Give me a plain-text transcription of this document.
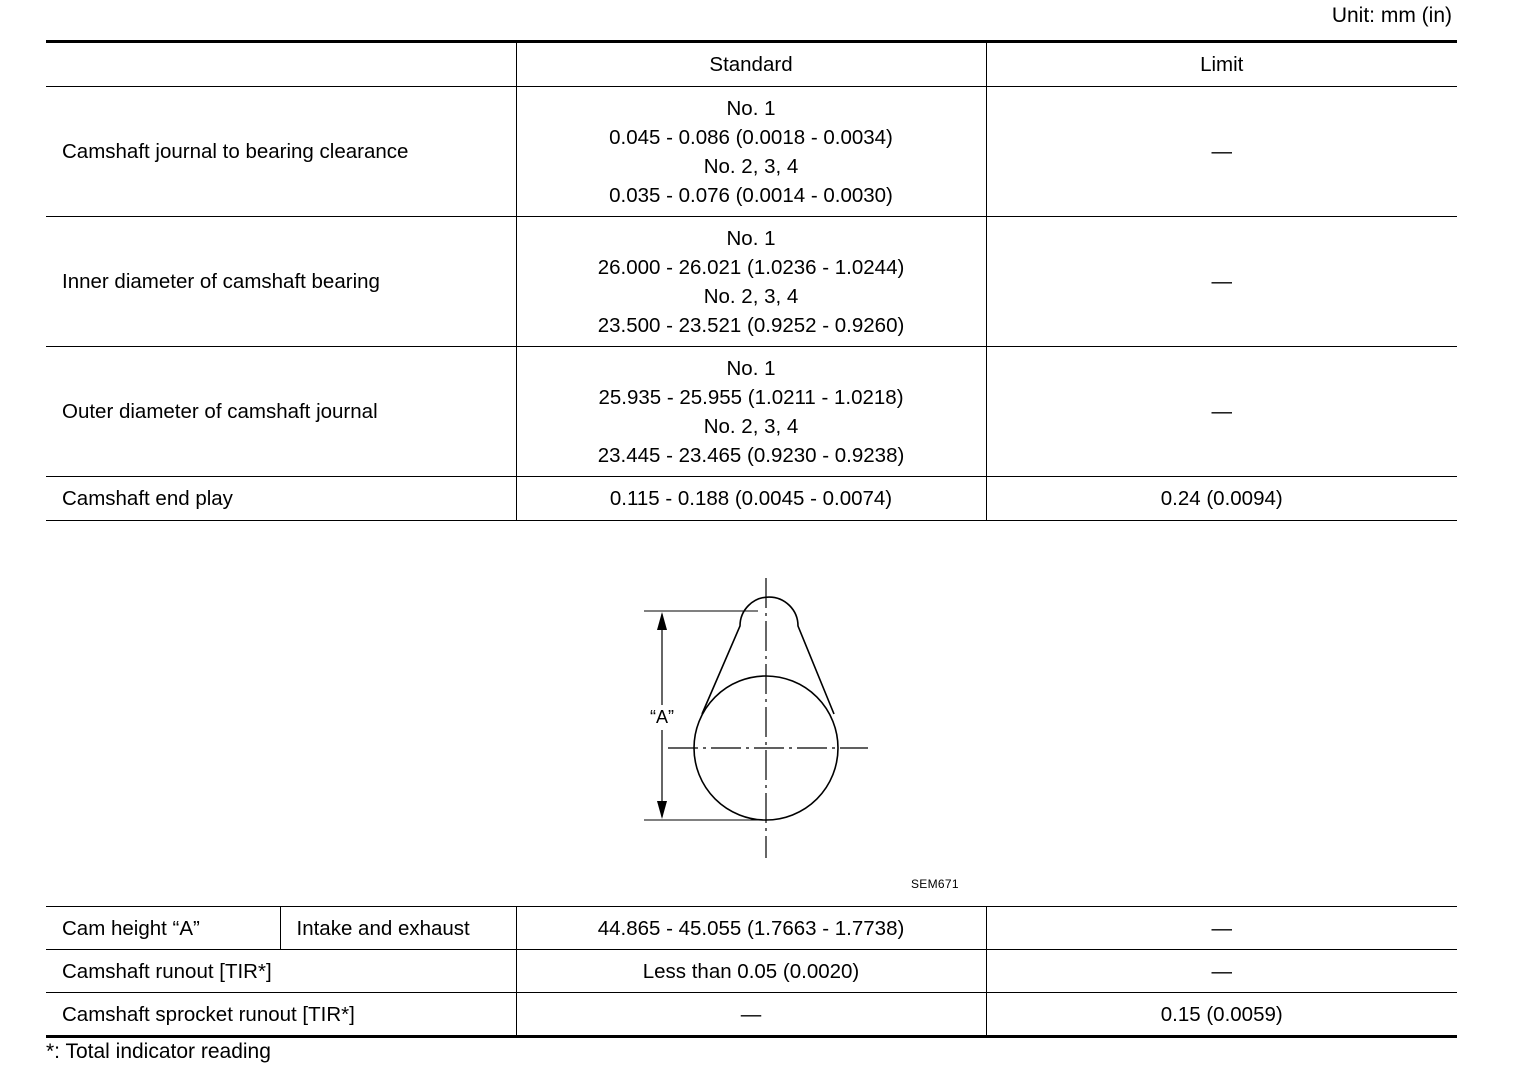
Unit: mm (in)
	Standard	Limit
Camshaft journal to bearing clearance	No. 1
0.045 - 0.086 (0.0018 - 0.0034)
No. 2, 3, 4
0.035 - 0.076 (0.0014 - 0.0030)	—
Inner diameter of camshaft bearing	No. 1
26.000 - 26.021 (1.0236 - 1.0244)
No. 2, 3, 4
23.500 - 23.521 (0.9252 - 0.9260)	—
Outer diameter of camshaft journal	No. 1
25.935 - 25.955 (1.0211 - 1.0218)
No. 2, 3, 4
23.445 - 23.465 (0.9230 - 0.9238)	—
Camshaft end play	0.115 - 0.188 (0.0045 - 0.0074)	0.24 (0.0094)
“A”
SEM671
Cam height “A”	Intake and exhaust	44.865 - 45.055 (1.7663 - 1.7738)	—
Camshaft runout [TIR*]		Less than 0.05 (0.0020)	—
Camshaft sprocket runout [TIR*]		—	0.15 (0.0059)
*: Total indicator reading
